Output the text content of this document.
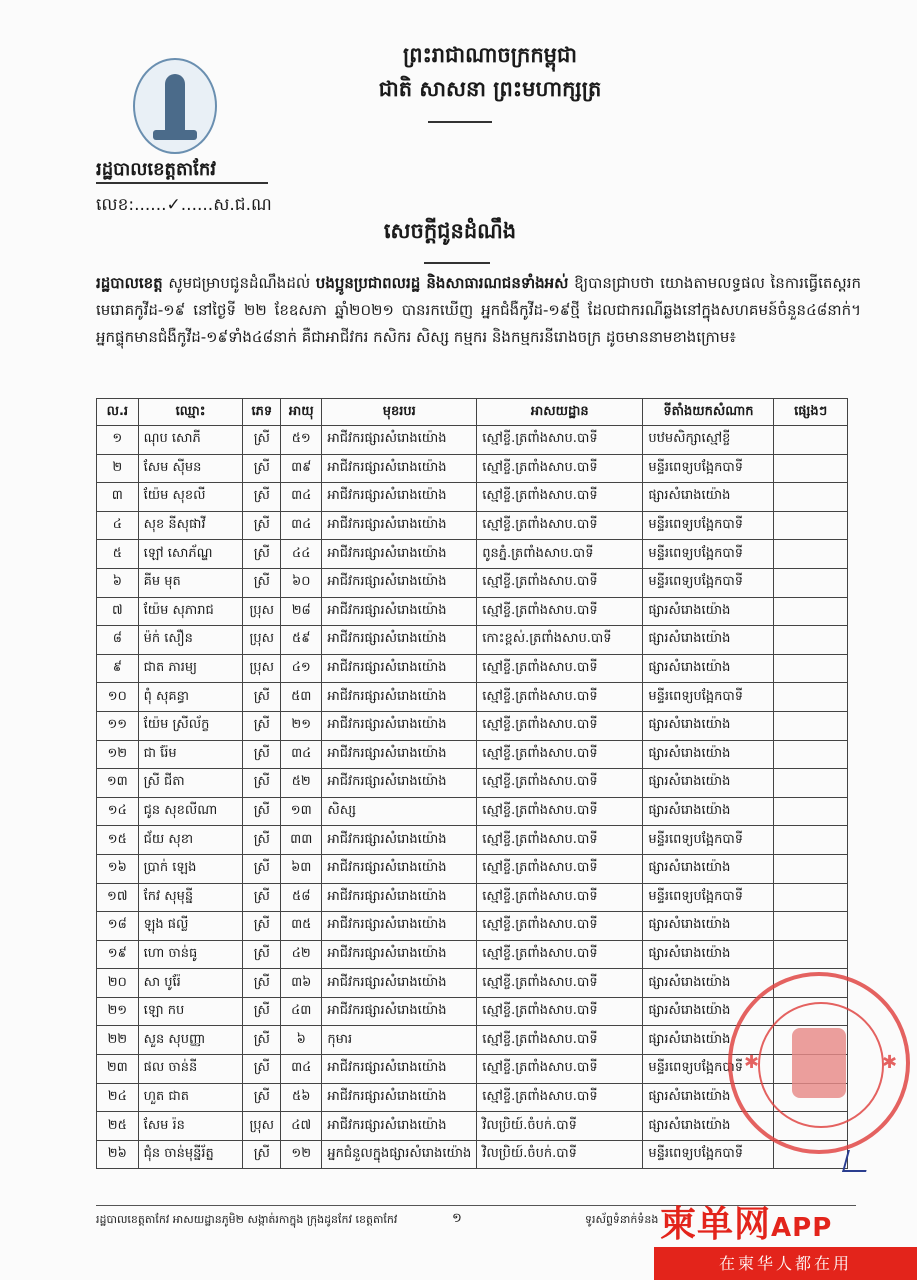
ព្រះរាជាណាចក្រកម្ពុជា
ជាតិ សាសនា ព្រះមហាក្សត្រ
រដ្ឋបាលខេត្តតាកែវ
លេខ:......✓......ស.ជ.ណ
សេចក្តីជូនដំណឹង
រដ្ឋបាលខេត្ត សូមជម្រាបជូនដំណឹងដល់ បងប្អូនប្រជាពលរដ្ឋ និងសាធារណជនទាំងអស់ ឱ្យបានជ្រាបថា យោងតាមលទ្ធផល នៃការធ្វើតេស្តរកមេរោគកូវីដ-១៩ នៅថ្ងៃទី ២២ ខែឧសភា ឆ្នាំ២០២១ បានរកឃើញ អ្នកជំងឺកូវីដ-១៩ថ្មី ដែលជាករណីឆ្លងនៅក្នុងសហគមន៍ចំនួន៤៨នាក់។ អ្នកផ្ទុកមានជំងឺកូវីដ-១៩ទាំង៤៨នាក់ គឺជាអាជីវករ កសិករ សិស្ស កម្មករ និងកម្មករនីរោងចក្រ ដូចមាននាមខាងក្រោម៖
ល.រ	ឈ្មោះ	ភេទ	អាយុ	មុខរបរ	អាសយដ្ឋាន	ទីតាំងយកសំណាក	ផ្សេងៗ
១	ណុប សោភី	ស្រី	៥១	អាជីវករផ្សារសំរោងយ៉ោង	ស្មៅខ្ចី.ត្រពាំងសាប.បាទី	បឋមសិក្សាស្មៅខ្ចី	
២	សែម ស៊ីមន	ស្រី	៣៩	អាជីវករផ្សារសំរោងយ៉ោង	ស្មៅខ្ចី.ត្រពាំងសាប.បាទី	មន្ទីរពេទ្យបង្អែកបាទី	
៣	យ៉ែម សុខលី	ស្រី	៣៤	អាជីវករផ្សារសំរោងយ៉ោង	ស្មៅខ្ចី.ត្រពាំងសាប.បាទី	ផ្សារសំរោងយ៉ោង	
៤	សុខ នីសុផាវី	ស្រី	៣៤	អាជីវករផ្សារសំរោងយ៉ោង	ស្មៅខ្ចី.ត្រពាំងសាប.បាទី	មន្ទីរពេទ្យបង្អែកបាទី	
៥	ឡៅ សោភ័ណ្ឌ	ស្រី	៤៤	អាជីវករផ្សារសំរោងយ៉ោង	ពូនភ្នំ.ត្រពាំងសាប.បាទី	មន្ទីរពេទ្យបង្អែកបាទី	
៦	គីម មុត	ស្រី	៦០	អាជីវករផ្សារសំរោងយ៉ោង	ស្មៅខ្ចី.ត្រពាំងសាប.បាទី	មន្ទីរពេទ្យបង្អែកបាទី	
៧	យ៉ែម សុភារាជ	ប្រុស	២៨	អាជីវករផ្សារសំរោងយ៉ោង	ស្មៅខ្ចី.ត្រពាំងសាប.បាទី	ផ្សារសំរោងយ៉ោង	
៨	ម៉ក់ សឿន	ប្រុស	៥៩	អាជីវករផ្សារសំរោងយ៉ោង	កោះខ្ពស់.ត្រពាំងសាប.បាទី	ផ្សារសំរោងយ៉ោង	
៩	ជាត ភារម្យ	ប្រុស	៤១	អាជីវករផ្សារសំរោងយ៉ោង	ស្មៅខ្ចី.ត្រពាំងសាប.បាទី	ផ្សារសំរោងយ៉ោង	
១០	ពុំ សុគន្ធា	ស្រី	៥៣	អាជីវករផ្សារសំរោងយ៉ោង	ស្មៅខ្ចី.ត្រពាំងសាប.បាទី	មន្ទីរពេទ្យបង្អែកបាទី	
១១	យ៉ែម ស្រីល័ក្ខ	ស្រី	២១	អាជីវករផ្សារសំរោងយ៉ោង	ស្មៅខ្ចី.ត្រពាំងសាប.បាទី	ផ្សារសំរោងយ៉ោង	
១២	ជា រ៉ែម	ស្រី	៣៤	អាជីវករផ្សារសំរោងយ៉ោង	ស្មៅខ្ចី.ត្រពាំងសាប.បាទី	ផ្សារសំរោងយ៉ោង	
១៣	ស្រី ជីតា	ស្រី	៥២	អាជីវករផ្សារសំរោងយ៉ោង	ស្មៅខ្ចី.ត្រពាំងសាប.បាទី	ផ្សារសំរោងយ៉ោង	
១៤	ជូន សុខលីណា	ស្រី	១៣	សិស្ស	ស្មៅខ្ចី.ត្រពាំងសាប.បាទី	ផ្សារសំរោងយ៉ោង	
១៥	ជ័យ សុខា	ស្រី	៣៣	អាជីវករផ្សារសំរោងយ៉ោង	ស្មៅខ្ចី.ត្រពាំងសាប.បាទី	មន្ទីរពេទ្យបង្អែកបាទី	
១៦	ប្រាក់ ឡេង	ស្រី	៦៣	អាជីវករផ្សារសំរោងយ៉ោង	ស្មៅខ្ចី.ត្រពាំងសាប.បាទី	ផ្សារសំរោងយ៉ោង	
១៧	កែវ សុមុន្នី	ស្រី	៥៨	អាជីវករផ្សារសំរោងយ៉ោង	ស្មៅខ្ចី.ត្រពាំងសាប.បាទី	មន្ទីរពេទ្យបង្អែកបាទី	
១៨	ឡុង ផល្លី	ស្រី	៣៥	អាជីវករផ្សារសំរោងយ៉ោង	ស្មៅខ្ចី.ត្រពាំងសាប.បាទី	ផ្សារសំរោងយ៉ោង	
១៩	ហោ ចាន់ធូ	ស្រី	៤២	អាជីវករផ្សារសំរោងយ៉ោង	ស្មៅខ្ចី.ត្រពាំងសាប.បាទី	ផ្សារសំរោងយ៉ោង	
២០	សា បូរ៉ែ	ស្រី	៣៦	អាជីវករផ្សារសំរោងយ៉ោង	ស្មៅខ្ចី.ត្រពាំងសាប.បាទី	ផ្សារសំរោងយ៉ោង	
២១	ឡោ កប	ស្រី	៤៣	អាជីវករផ្សារសំរោងយ៉ោង	ស្មៅខ្ចី.ត្រពាំងសាប.បាទី	ផ្សារសំរោងយ៉ោង	
២២	សួន សុបញ្ញា	ស្រី	៦	កុមារ	ស្មៅខ្ចី.ត្រពាំងសាប.បាទី	ផ្សារសំរោងយ៉ោង	
២៣	ផល ចាន់នី	ស្រី	៣៤	អាជីវករផ្សារសំរោងយ៉ោង	ស្មៅខ្ចី.ត្រពាំងសាប.បាទី	មន្ទីរពេទ្យបង្អែកបាទី	
២៤	ហួត ជាត	ស្រី	៥៦	អាជីវករផ្សារសំរោងយ៉ោង	ស្មៅខ្ចី.ត្រពាំងសាប.បាទី	ផ្សារសំរោងយ៉ោង	
២៥	សែម រ៉ន	ប្រុស	៤៧	អាជីវករផ្សារសំរោងយ៉ោង	វិលប្រិយ៍.ចំបក់.បាទី	ផ្សារសំរោងយ៉ោង	
២៦	ជុំន ចាន់មុន្នីរ័ត្ន	ស្រី	១២	អ្នកជំនួលក្នុងផ្សារសំរោងយ៉ោង	វិលប្រិយ៍.ចំបក់.បាទី	មន្ទីរពេទ្យបង្អែកបាទី	
✱	✱
រដ្ឋបាលខេត្តតាកែវ អាសយដ្ឋានភូមិ២ សង្កាត់រកាក្នុង ក្រុងដូនកែវ ខេត្តតាកែវ	១	ទូរស័ព្ទទំនាក់ទំនង 柬单网APP
在柬华人都在用
